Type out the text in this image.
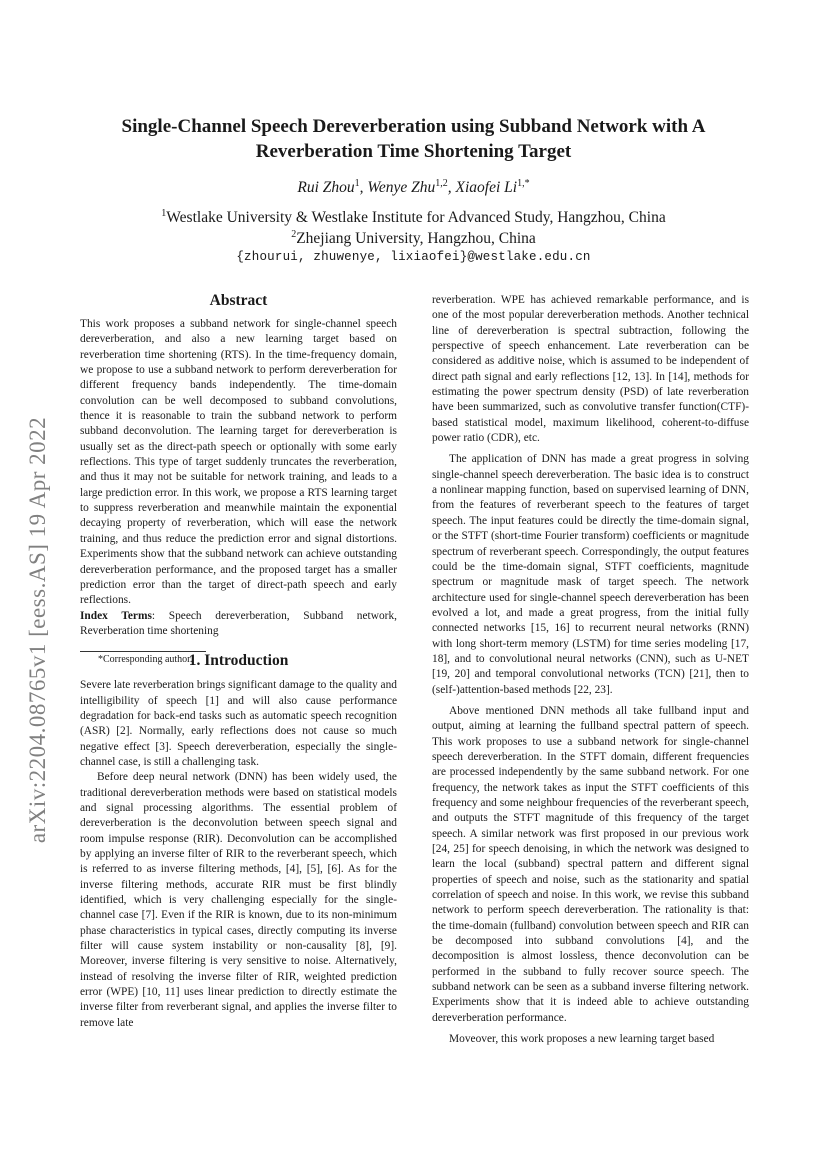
Single-Channel Speech Dereverberation using Subband Network with A Reverberation Time Shortening Target
Rui Zhou$^1$, Wenye Zhu$^{1,2}$, Xiaofei $Li^{1,*}$
$^1$Westlake University & Westlake Institute for Advanced Study, Hangzhou, China
$^2$Zhejiang University, Hangzhou, China
{zhourui, zhuwenye, lixiaofei}@westlake.edu.cn
arXiv:2204.08765v1 [eess.AS] 19 Apr 2022

Abstract

This work proposes a subband network for single-channel speech dereverberation, and also a new learning target based on reverberation time shortening (RTS). In the time-frequency domain, we propose to use a subband network to perform dereverberation for different frequency bands independently. The time-domain convolution can be well decomposed to subband convolutions, thence it is reasonable to train the subband network to perform subband deconvolution. The learning target for dereverberation is usually set as the direct-path speech or optionally with some early reflections. This type of target suddenly truncates the reverberation, and thus it may not be suitable for network training, and leads to a large prediction error. In this work, we propose a RTS learning target to suppress reverberation and meanwhile maintain the exponential decaying property of reverberation, which will ease the network training, and thus reduce the prediction error and signal distortions. Experiments show that the subband network can achieve outstanding dereverberation performance, and the proposed target has a smaller prediction error than the target of direct-path speech and early reflections.

Index Terms: Speech dereverberation, Subband network, Reverberation time shortening

1. Introduction

Severe late reverberation brings significant damage to the quality and intelligibility of speech [1] and will also cause performance degradation for back-end tasks such as automatic speech recognition (ASR) [2]. Normally, early reflections does not cause so much negative effect [3]. Speech dereverberation, especially the single-channel case, is still a challenging task.

Before deep neural network (DNN) has been widely used, the traditional dereverberation methods were based on statistical models and signal processing algorithms. The essential problem of dereverberation is the deconvolution between speech signal and room impulse response (RIR). Deconvolution can be accomplished by applying an inverse filter of RIR to the reverberant speech, which is referred to as inverse filtering methods, [4], [5], [6]. As for the inverse filtering methods, accurate RIR must be first blindly identified, which is very challenging especially for the single-channel case [7]. Even if the RIR is known, due to its non-minimum phase characteristics in typical cases, directly computing its inverse filter will cause system instability or non-causality [8], [9]. Moreover, inverse filtering is very sensitive to noise. Alternatively, instead of resolving the inverse filter of RIR, weighted prediction error (WPE) [10, 11] uses linear prediction to directly estimate the inverse filter from reverberant signal, and applies the inverse filter to remove late

*Corresponding author.

reverberation. WPE has achieved remarkable performance, and is one of the most popular dereverberation methods. Another technical line of dereverberation is spectral subtraction, following the perspective of speech enhancement. Late reverberation can be considered as additive noise, which is assumed to be independent of direct path signal and early reflections [12, 13]. In [14], methods for estimating the power spectrum density (PSD) of late reverberation have been summarized, such as convolutive transfer function(CTF)-based statistical model, maximum likelihood, coherent-to-diffuse power ratio (CDR), etc.

The application of DNN has made a great progress in solving single-channel speech dereverberation. The basic idea is to construct a nonlinear mapping function, based on supervised learning of DNN, from the features of reverberant speech to the features of target speech. The input features could be directly the time-domain signal, or the STFT (short-time Fourier transform) coefficients or magnitude spectrum of reverberant speech. Correspondingly, the output features could be the time-domain signal, STFT coefficients, magnitude spectrum or magnitude mask of target speech. The network architecture used for single-channel speech dereverberation has been evolved a lot, and made a great progress, from the initial fully connected networks [15, 16] to recurrent neural networks (RNN) with long short-term memory (LSTM) for time series modeling [17, 18], and to convolutional neural networks (CNN), such as U-NET [19, 20] and temporal convolutional networks (TCN) [21], then to (self-)attention-based methods [22, 23].

Above mentioned DNN methods all take fullband input and output, aiming at learning the fullband spectral pattern of speech. This work proposes to use a subband network for single-channel speech dereverberation. In the STFT domain, different frequencies are processed independently by the same subband network. For one frequency, the network takes as input the STFT coefficients of this frequency and some neighbour frequencies of the reverberant speech, and outputs the STFT magnitude of this frequency of the target speech. A similar network was first proposed in our previous work [24, 25] for speech denoising, in which the network was designed to learn the local (subband) spectral pattern and different signal properties of speech and noise, such as the stationarity and spatial correlation of speech and noise. In this work, we revise this subband network to perform speech dereverberation. The rationality is that: the time-domain (fullband) convolution between speech and RIR can be decomposed into subband convolutions [4], and the decomposition is almost lossless, thence deconvolution can be performed in the subband to fully recover source speech. The subband network can be seen as a subband inverse filtering network. Experiments show that it is indeed able to achieve outstanding dereverberation performance.

Moveover, this work proposes a new learning target based
